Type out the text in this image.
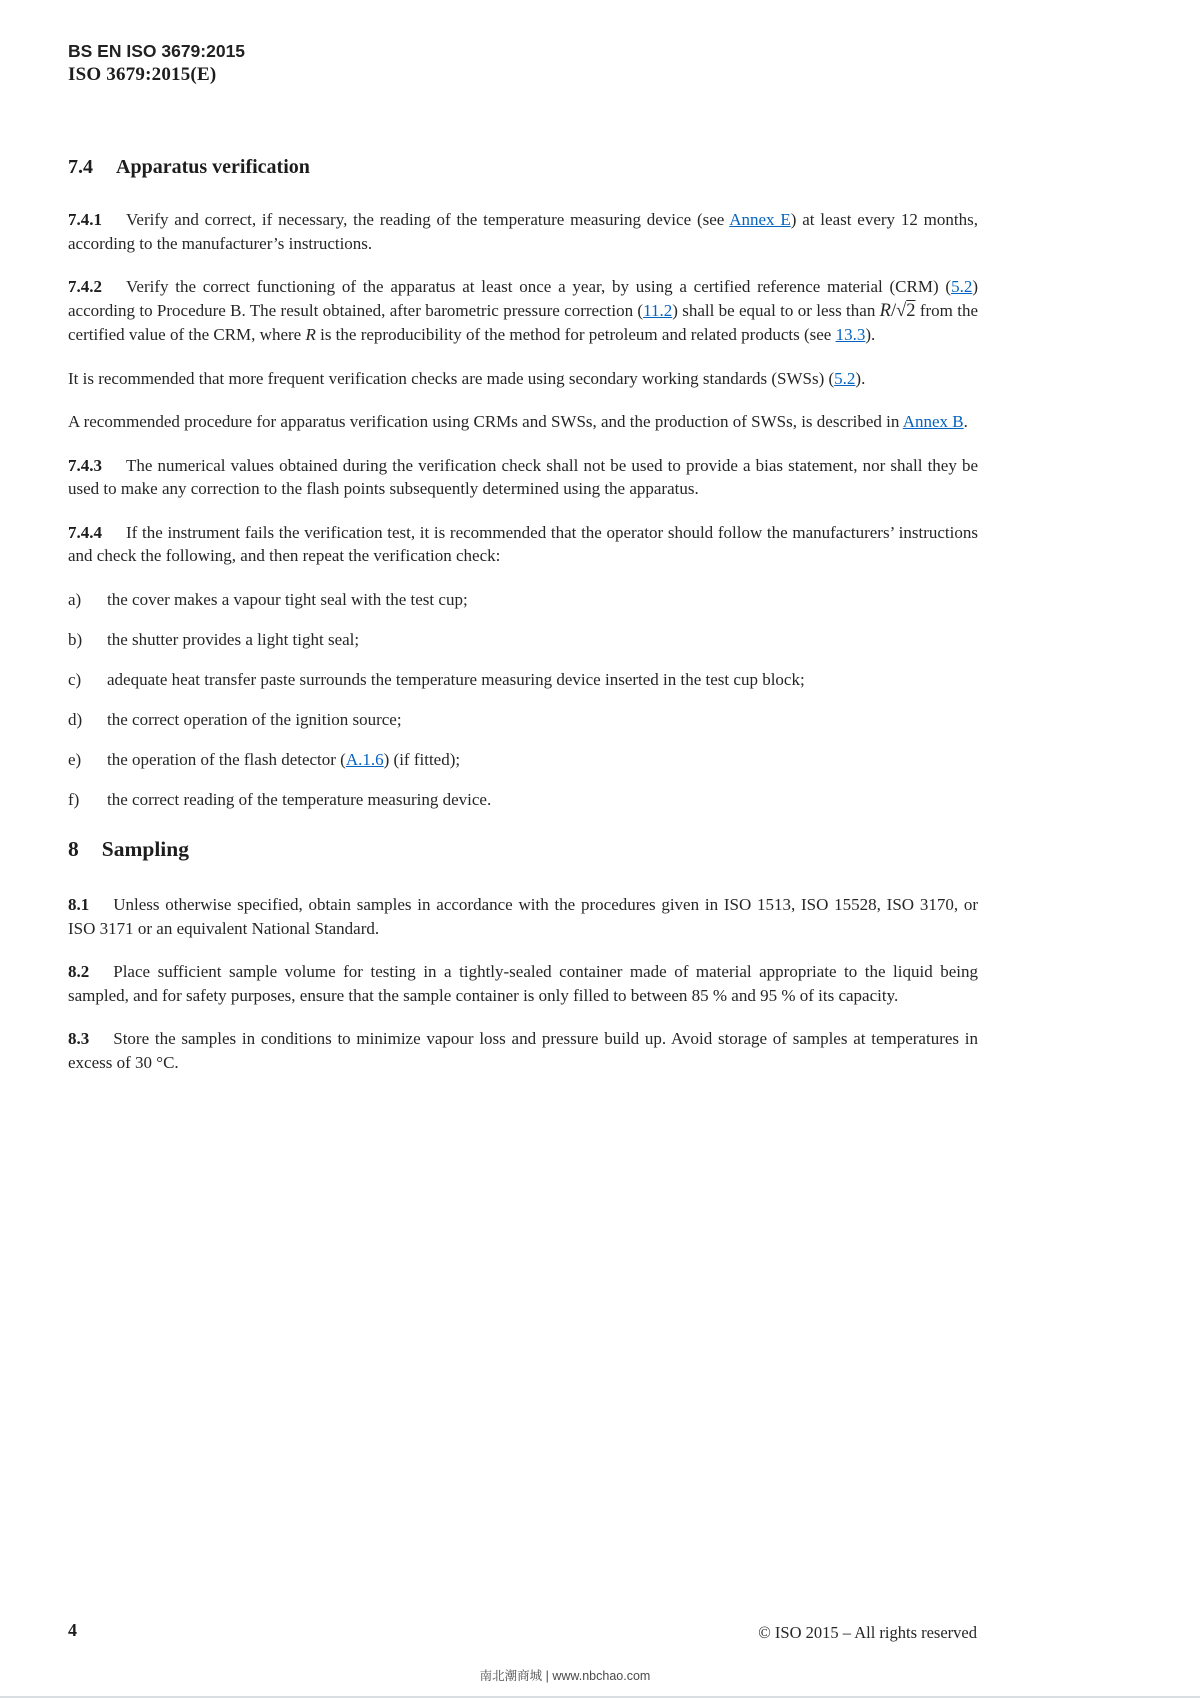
BS EN ISO 3679:2015
ISO 3679:2015(E)
7.4 Apparatus verification

7.4.1 Verify and correct, if necessary, the reading of the temperature measuring device (see Annex E) at least every 12 months, according to the manufacturer’s instructions.

7.4.2 Verify the correct functioning of the apparatus at least once a year, by using a certified reference material (CRM) (5.2) according to Procedure B. The result obtained, after barometric pressure correction (11.2) shall be equal to or less than R/√2 from the certified value of the CRM, where R is the reproducibility of the method for petroleum and related products (see 13.3).

It is recommended that more frequent verification checks are made using secondary working standards (SWSs) (5.2).

A recommended procedure for apparatus verification using CRMs and SWSs, and the production of SWSs, is described in Annex B.

7.4.3 The numerical values obtained during the verification check shall not be used to provide a bias statement, nor shall they be used to make any correction to the flash points subsequently determined using the apparatus.

7.4.4 If the instrument fails the verification test, it is recommended that the operator should follow the manufacturers’ instructions and check the following, and then repeat the verification check:

a) the cover makes a vapour tight seal with the test cup;
b) the shutter provides a light tight seal;
c) adequate heat transfer paste surrounds the temperature measuring device inserted in the test cup block;
d) the correct operation of the ignition source;
e) the operation of the flash detector (A.1.6) (if fitted);
f) the correct reading of the temperature measuring device.
8 Sampling

8.1 Unless otherwise specified, obtain samples in accordance with the procedures given in ISO 1513, ISO 15528, ISO 3170, or ISO 3171 or an equivalent National Standard.

8.2 Place sufficient sample volume for testing in a tightly-sealed container made of material appropriate to the liquid being sampled, and for safety purposes, ensure that the sample container is only filled to between 85 % and 95 % of its capacity.

8.3 Store the samples in conditions to minimize vapour loss and pressure build up. Avoid storage of samples at temperatures in excess of 30 °C.

4	© ISO 2015 – All rights reserved
南北潮商城 | www.nbchao.com
